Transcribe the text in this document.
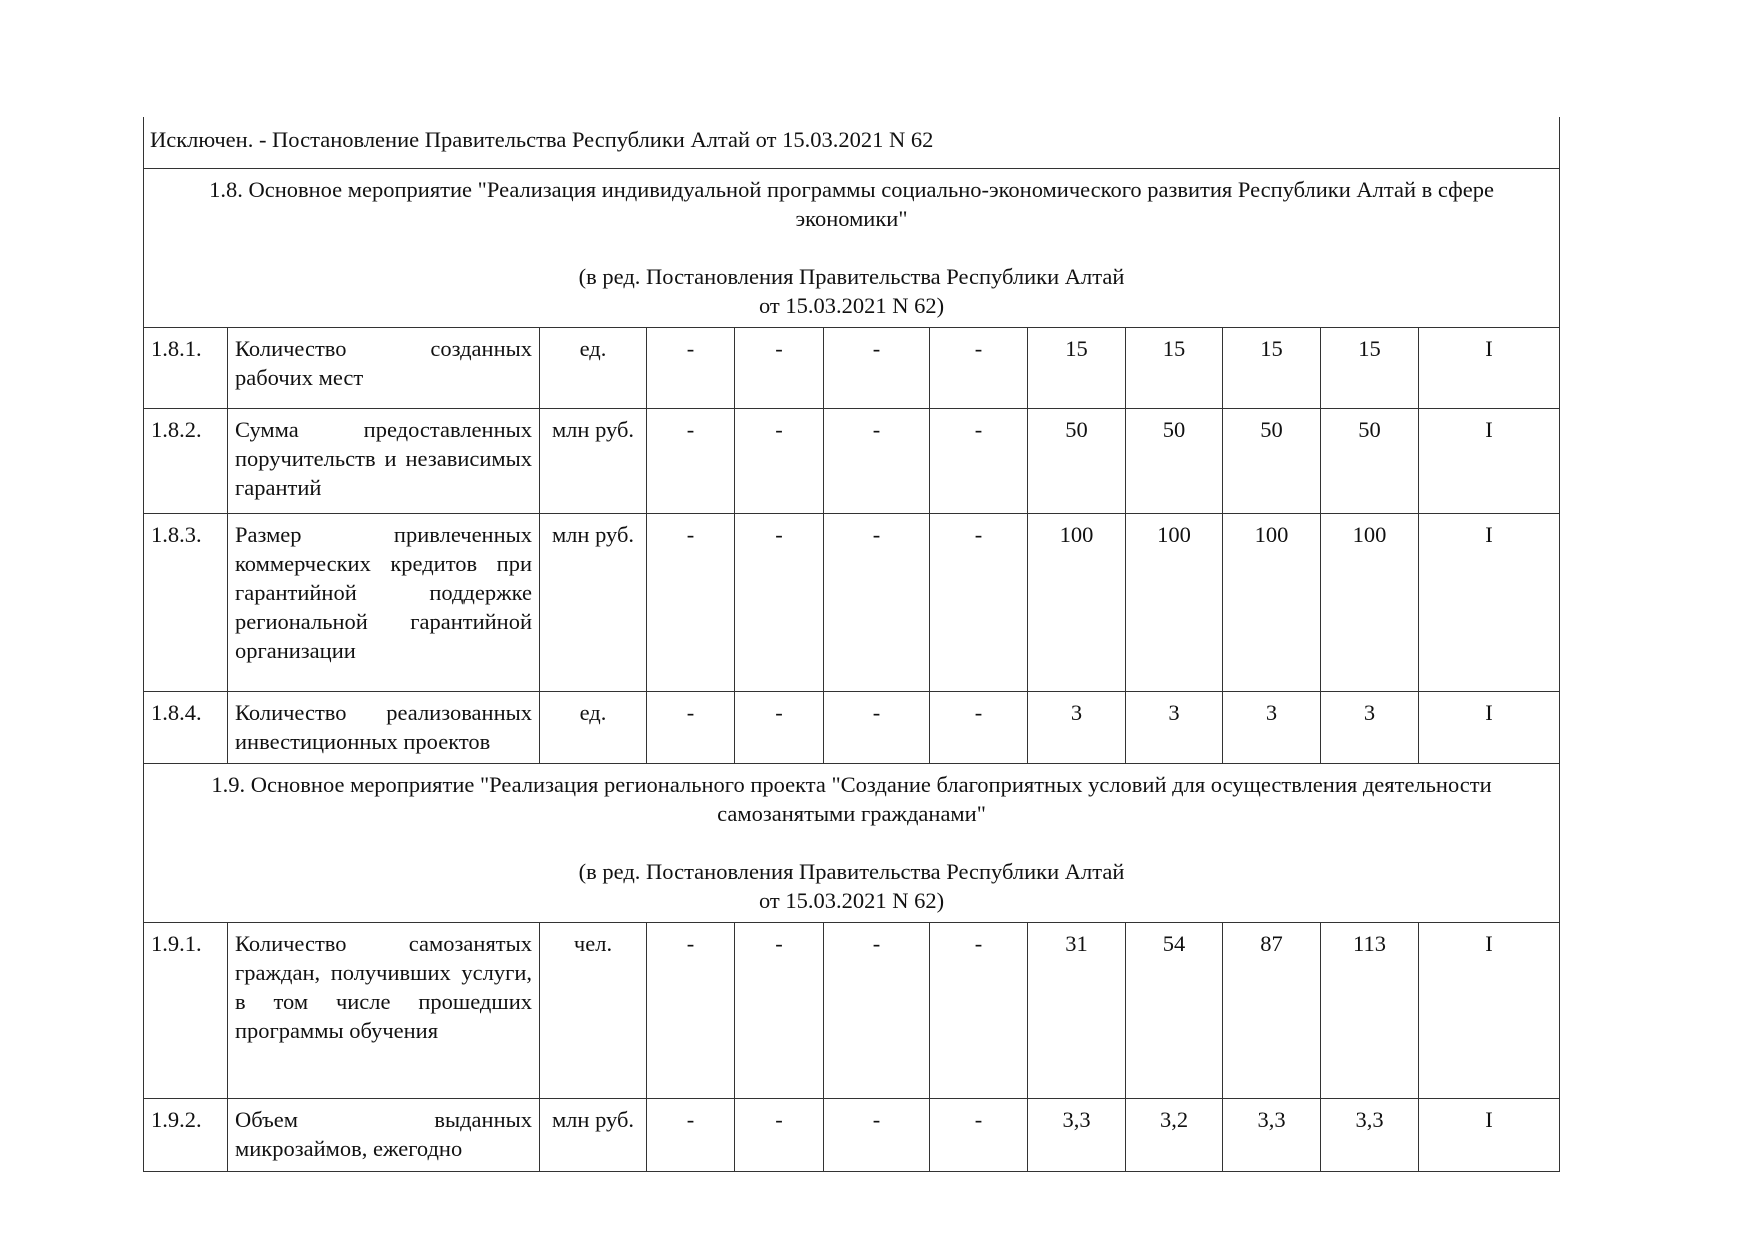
Исключен. - Постановление Правительства Республики Алтай от 15.03.2021 N 62											

1.8. Основное мероприятие "Реализация индивидуальной программы социально-экономического развития Республики Алтай в сфере экономики"
(в ред. Постановления Правительства Республики Алтай
от 15.03.2021 N 62)											

1.8.1.	Количество созданных рабочих мест	ед.	-	-	-	-	15	15	15	15	I
1.8.2.	Сумма предоставленных поручительств и независимых гарантий	млн руб.	-	-	-	-	50	50	50	50	I
1.8.3.	Размер привлеченных коммерческих кредитов при гарантийной поддержке региональной гарантийной организации	млн руб.	-	-	-	-	100	100	100	100	I
1.8.4.	Количество реализованных инвестиционных проектов	ед.	-	-	-	-	3	3	3	3	I

1.9. Основное мероприятие "Реализация регионального проекта "Создание благоприятных условий для осуществления деятельности самозанятыми гражданами"
(в ред. Постановления Правительства Республики Алтай
от 15.03.2021 N 62)											

1.9.1.	Количество самозанятых граждан, получивших услуги, в том числе прошедших программы обучения	чел.	-	-	-	-	31	54	87	113	I
1.9.2.	Объем выданных микрозаймов, ежегодно	млн руб.	-	-	-	-	3,3	3,2	3,3	3,3	I
